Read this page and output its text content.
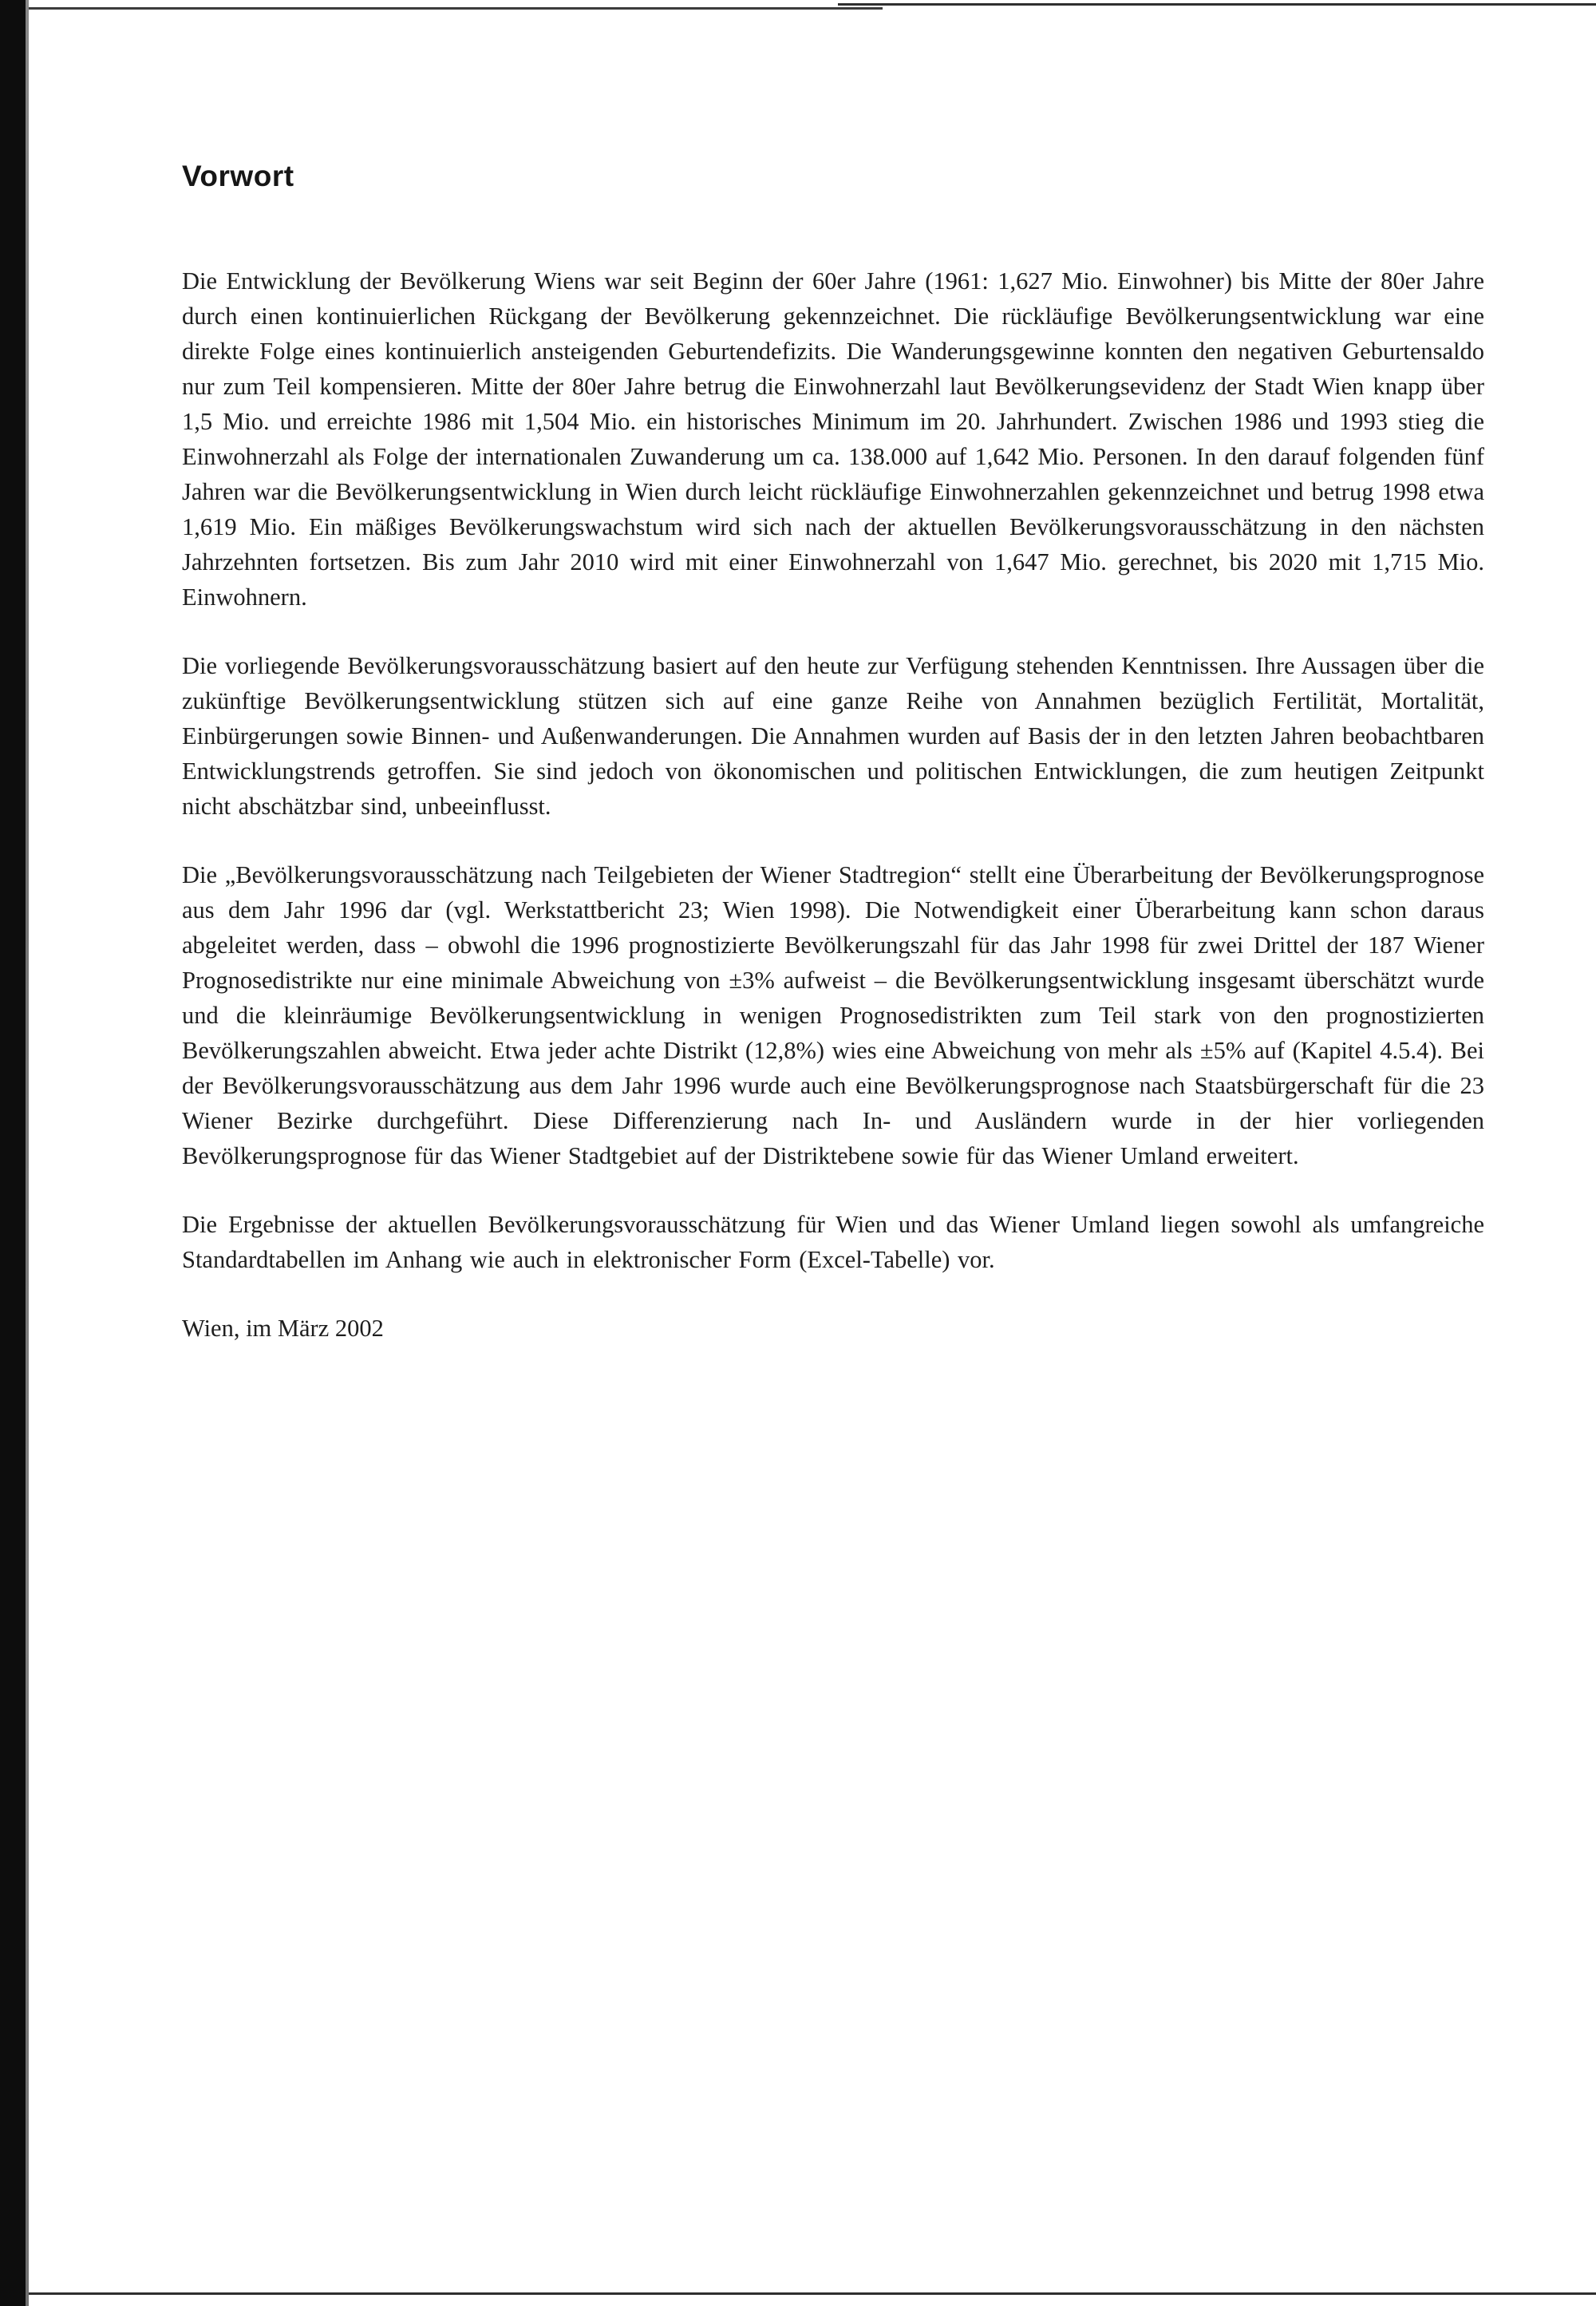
Vorwort

Die Entwicklung der Bevölkerung Wiens war seit Beginn der 60er Jahre (1961: 1,627 Mio. Einwohner) bis Mitte der 80er Jahre durch einen kontinuierlichen Rückgang der Bevölkerung gekennzeichnet. Die rückläufige Bevölkerungsentwicklung war eine direkte Folge eines kontinuierlich ansteigenden Geburtendefizits. Die Wanderungsgewinne konnten den negativen Geburtensaldo nur zum Teil kompensieren. Mitte der 80er Jahre betrug die Einwohnerzahl laut Bevölkerungsevidenz der Stadt Wien knapp über 1,5 Mio. und erreichte 1986 mit 1,504 Mio. ein historisches Minimum im 20. Jahrhundert. Zwischen 1986 und 1993 stieg die Einwohnerzahl als Folge der internationalen Zuwanderung um ca. 138.000 auf 1,642 Mio. Personen. In den darauf folgenden fünf Jahren war die Bevölkerungsentwicklung in Wien durch leicht rückläufige Einwohnerzahlen gekennzeichnet und betrug 1998 etwa 1,619 Mio. Ein mäßiges Bevölkerungswachstum wird sich nach der aktuellen Bevölkerungsvorausschätzung in den nächsten Jahrzehnten fortsetzen. Bis zum Jahr 2010 wird mit einer Einwohnerzahl von 1,647 Mio. gerechnet, bis 2020 mit 1,715 Mio. Einwohnern.

Die vorliegende Bevölkerungsvorausschätzung basiert auf den heute zur Verfügung stehenden Kenntnissen. Ihre Aussagen über die zukünftige Bevölkerungsentwicklung stützen sich auf eine ganze Reihe von Annahmen bezüglich Fertilität, Mortalität, Einbürgerungen sowie Binnen- und Außenwanderungen. Die Annahmen wurden auf Basis der in den letzten Jahren beobachtbaren Entwicklungstrends getroffen. Sie sind jedoch von ökonomischen und politischen Entwicklungen, die zum heutigen Zeitpunkt nicht abschätzbar sind, unbeeinflusst.

Die „Bevölkerungsvorausschätzung nach Teilgebieten der Wiener Stadtregion“ stellt eine Überarbeitung der Bevölkerungsprognose aus dem Jahr 1996 dar (vgl. Werkstattbericht 23; Wien 1998). Die Notwendigkeit einer Überarbeitung kann schon daraus abgeleitet werden, dass – obwohl die 1996 prognostizierte Bevölkerungszahl für das Jahr 1998 für zwei Drittel der 187 Wiener Prognosedistrikte nur eine minimale Abweichung von ±3% aufweist – die Bevölkerungsentwicklung insgesamt überschätzt wurde und die kleinräumige Bevölkerungsentwicklung in wenigen Prognosedistrikten zum Teil stark von den prognostizierten Bevölkerungszahlen abweicht. Etwa jeder achte Distrikt (12,8%) wies eine Abweichung von mehr als ±5% auf (Kapitel 4.5.4). Bei der Bevölkerungsvorausschätzung aus dem Jahr 1996 wurde auch eine Bevölkerungsprognose nach Staatsbürgerschaft für die 23 Wiener Bezirke durchgeführt. Diese Differenzierung nach In- und Ausländern wurde in der hier vorliegenden Bevölkerungsprognose für das Wiener Stadtgebiet auf der Distriktebene sowie für das Wiener Umland erweitert.

Die Ergebnisse der aktuellen Bevölkerungsvorausschätzung für Wien und das Wiener Umland liegen sowohl als umfangreiche Standardtabellen im Anhang wie auch in elektronischer Form (Excel-Tabelle) vor.

Wien, im März 2002
